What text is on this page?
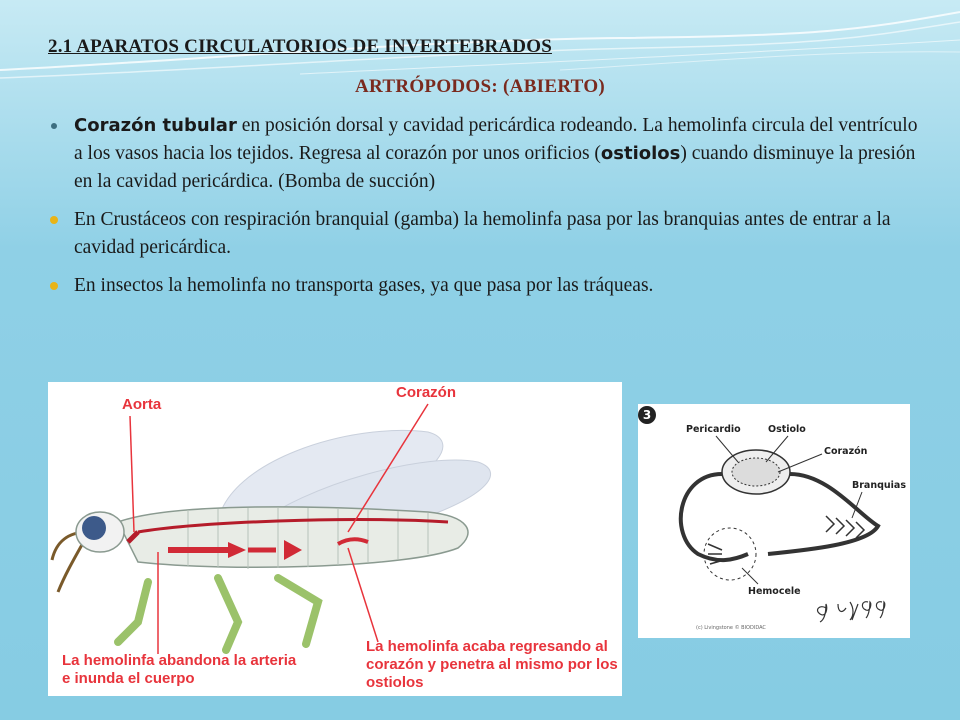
2.1 APARATOS CIRCULATORIOS DE INVERTEBRADOS
ARTRÓPODOS: (ABIERTO)
Corazón tubular en posición dorsal y cavidad pericárdica rodeando. La hemolinfa circula del ventrículo a los vasos hacia los tejidos. Regresa al corazón por unos orificios (ostiolos) cuando disminuye la presión en la cavidad pericárdica. (Bomba de succión)
En Crustáceos con respiración branquial (gamba) la hemolinfa pasa por las branquias antes de entrar a la cavidad pericárdica.
En insectos la hemolinfa no transporta gases, ya que pasa por las tráqueas.

Aorta

Corazón

La hemolinfa abandona la arteria e inunda el cuerpo

La hemolinfa acaba regresando al corazón y penetra al mismo por los ostiolos

3

Pericardio	Ostiolo

Corazón

Branquias

Hemocele

(c) Livingstone © BIODIDAC
